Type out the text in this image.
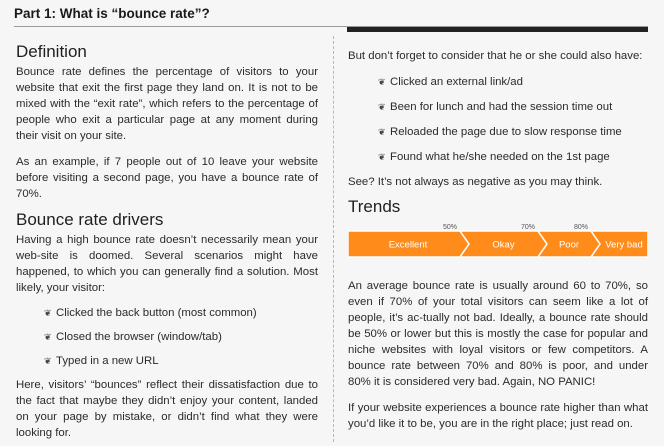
Part 1: What is “bounce rate”?
Definition

Bounce rate defines the percentage of visitors to your website that exit the first page they land on. It is not to be mixed with the “exit rate”, which refers to the percentage of people who exit a particular page at any moment during their visit on your site.

As an example, if 7 people out of 10 leave your website before visiting a second page, you have a bounce rate of 70%.

Bounce rate drivers

Having a high bounce rate doesn’t necessarily mean your web-site is doomed. Several scenarios might have happened, to which you can generally find a solution. Most likely, your visitor:

❦ Clicked the back button (most common)
❦ Closed the browser (window/tab)
❦ Typed in a new URL

Here, visitors’ “bounces” reflect their dissatisfaction due to the fact that maybe they didn’t enjoy your content, landed on your page by mistake, or didn’t find what they were looking for.

But don’t forget to consider that he or she could also have:

❦ Clicked an external link/ad
❦ Been for lunch and had the session time out
❦ Reloaded the page due to slow response time
❦ Found what he/she needed on the 1st page

See? It’s not always as negative as you may think.

Trends
Excellent	Okay	Poor	Very bad
50%	70%	80%

An average bounce rate is usually around 60 to 70%, so even if 70% of your total visitors can seem like a lot of people, it’s ac-tually not bad. Ideally, a bounce rate should be 50% or lower but this is mostly the case for popular and niche websites with loyal visitors or few competitors. A bounce rate between 70% and 80% is poor, and under 80% it is considered very bad. Again, NO PANIC!

If your website experiences a bounce rate higher than what you’d like it to be, you are in the right place; just read on.
